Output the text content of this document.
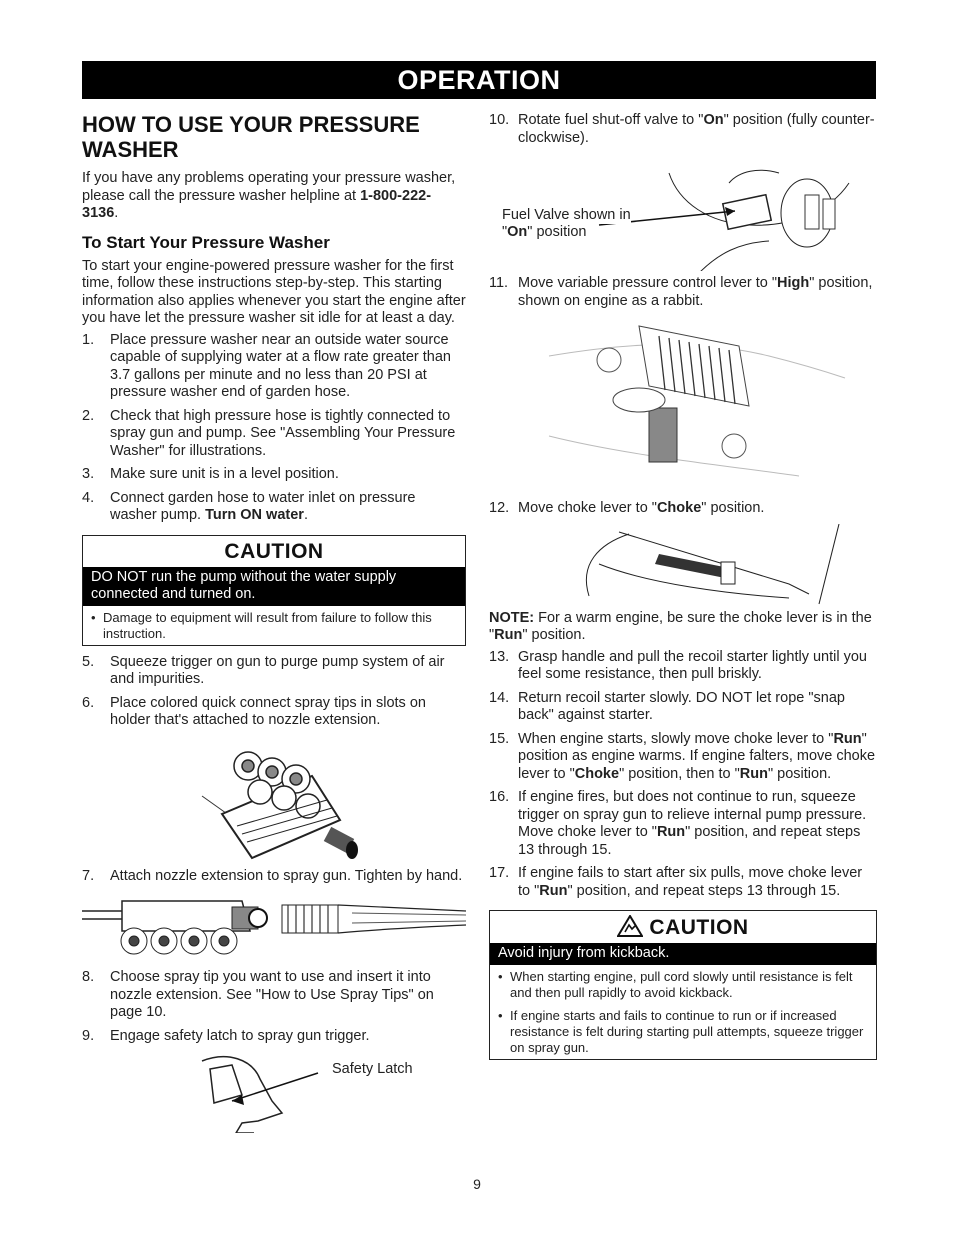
OPERATION
HOW TO USE YOUR PRESSURE WASHER

If you have any problems operating your pressure washer, please call the pressure washer helpline at 1-800-222-3136.

To Start Your Pressure Washer

To start your engine-powered pressure washer for the first time, follow these instructions step-by-step. This starting information also applies whenever you start the engine after you have let the pressure washer sit idle for at least a day.

1. Place pressure washer near an outside water source capable of supplying water at a flow rate greater than 3.7 gallons per minute and no less than 20 PSI at pressure washer end of garden hose.
2. Check that high pressure hose is tightly connected to spray gun and pump. See "Assembling Your Pressure Washer" for illustrations.
3. Make sure unit is in a level position.
4. Connect garden hose to water inlet on pressure washer pump. Turn ON water.
CAUTION
DO NOT run the pump without the water supply connected and turned on.
• Damage to equipment will result from failure to follow this instruction.
5. Squeeze trigger on gun to purge pump system of air and impurities.
6. Place colored quick connect spray tips in slots on holder that's attached to nozzle extension.
7. Attach nozzle extension to spray gun. Tighten by hand.
8. Choose spray tip you want to use and insert it into nozzle extension. See "How to Use Spray Tips" on page 10.
9. Engage safety latch to spray gun trigger.
Safety Latch
10. Rotate fuel shut-off valve to "On" position (fully counter-clockwise).
Fuel Valve shown in
"On" position
11. Move variable pressure control lever to "High" position, shown on engine as a rabbit.
12. Move choke lever to "Choke" position.

NOTE: For a warm engine, be sure the choke lever is in the "Run" position.

13. Grasp handle and pull the recoil starter lightly until you feel some resistance, then pull briskly.
14. Return recoil starter slowly. DO NOT let rope "snap back" against starter.
15. When engine starts, slowly move choke lever to "Run" position as engine warms. If engine falters, move choke lever to "Choke" position, then to "Run" position.
16. If engine fires, but does not continue to run, squeeze trigger on spray gun to relieve internal pump pressure. Move choke lever to "Run" position, and repeat steps 13 through 15.
17. If engine fails to start after six pulls, move choke lever to "Run" position, and repeat steps 13 through 15.
CAUTION
Avoid injury from kickback.
• When starting engine, pull cord slowly until resistance is felt and then pull rapidly to avoid kickback.
• If engine starts and fails to continue to run or if increased resistance is felt during starting pull attempts, squeeze trigger on spray gun.
9
